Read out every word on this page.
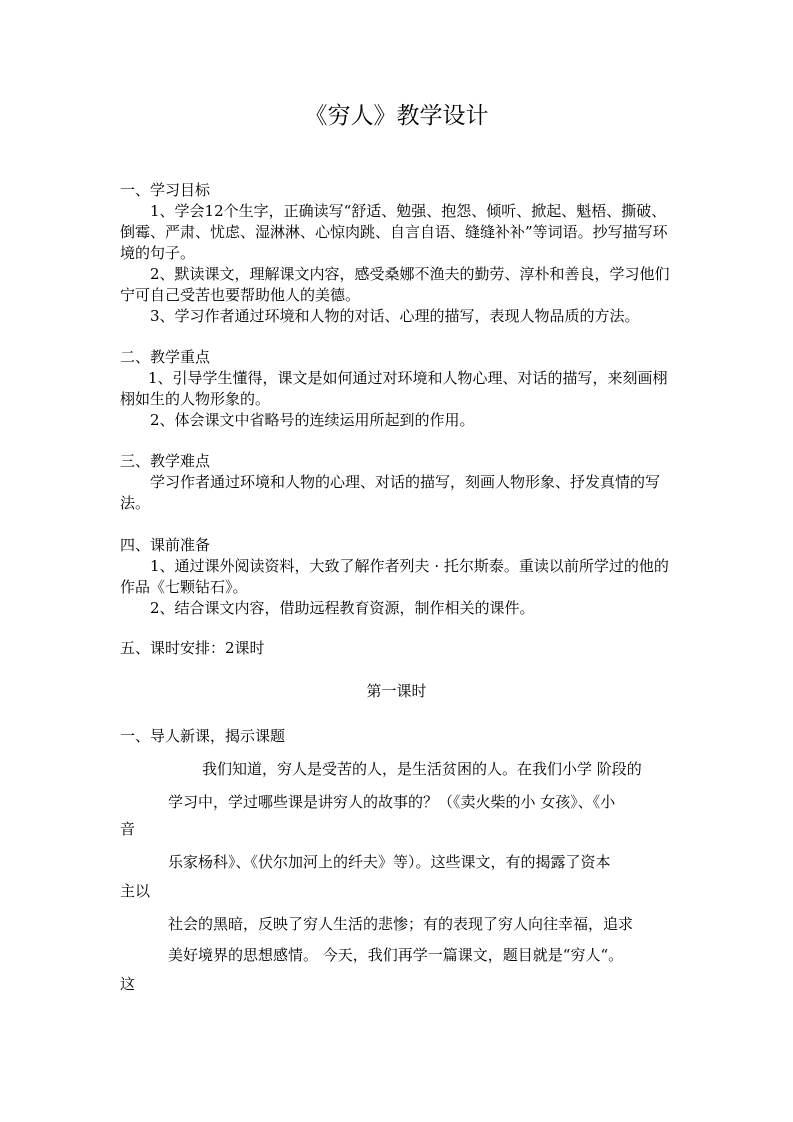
《穷人》教学设计

一、学习目标

1、学会12个生字，正确读写“舒适、勉强、抱怨、倾听、掀起、魁梧、撕破、倒霉、严肃、忧虑、湿淋淋、心惊肉跳、自言自语、缝缝补补”等词语。抄写描写环境的句子。

2、默读课文，理解课文内容，感受桑娜不渔夫的勤劳、淳朴和善良，学习他们宁可自己受苦也要帮助他人的美德。

3、学习作者通过环境和人物的对话、心理的描写，表现人物品质的方法。

二、教学重点

1、引导学生懂得，课文是如何通过对环境和人物心理、对话的描写，来刻画栩栩如生的人物形象的。

2、体会课文中省略号的连续运用所起到的作用。

三、教学难点

学习作者通过环境和人物的心理、对话的描写，刻画人物形象、抒发真情的写法。

四、课前准备

1、通过课外阅读资料，大致了解作者列夫 · 托尔斯泰。重读以前所学过的他的作品《七颗钻石》。

2、结合课文内容，借助远程教育资源，制作相关的课件。

五、课时安排：2课时

第一课时

一、导人新课，揭示课题

我们知道，穷人是受苦的人，是生活贫困的人。在我们小学 阶段的

学习中，学过哪些课是讲穷人的故事的？（《卖火柴的小 女孩》、《小

音

乐家杨科》、《伏尔加河上的纤夫》等）。这些课文，有的揭露了资本

主以

社会的黑暗，反映了穷人生活的悲惨；有的表现了穷人向往幸福，追求

美好境界的思想感情。 今天，我们再学一篇课文，题目就是“穷人“。

这
